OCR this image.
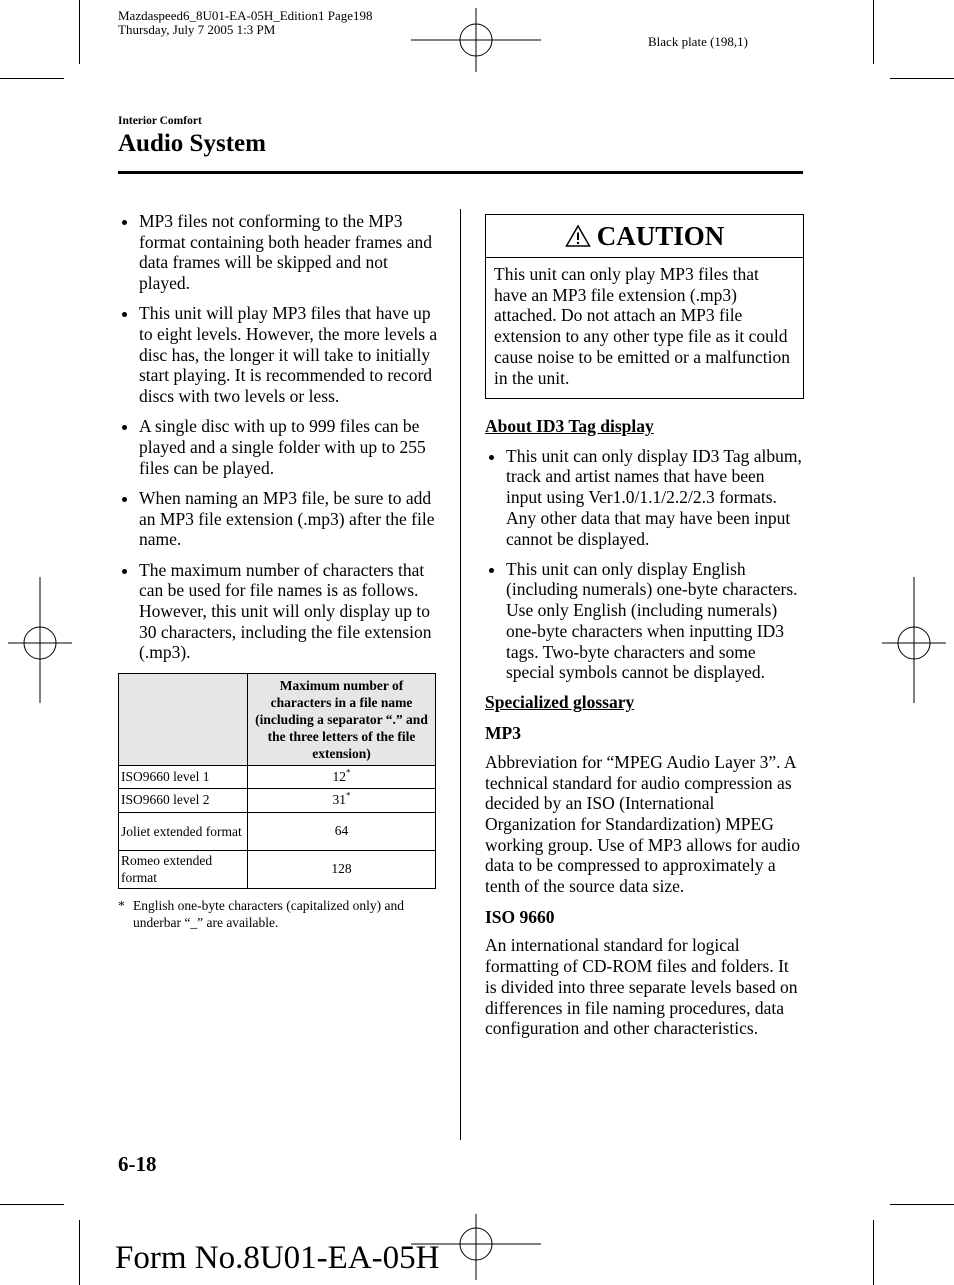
Mazdaspeed6_8U01-EA-05H_Edition1 Page198
Thursday, July 7 2005 1:3 PM
Black plate (198,1)
Interior Comfort
Audio System
MP3 files not conforming to the MP3 format containing both header frames and data frames will be skipped and not played.
This unit will play MP3 files that have up to eight levels. However, the more levels a disc has, the longer it will take to initially start playing. It is recommended to record discs with two levels or less.
A single disc with up to 999 files can be played and a single folder with up to 255 files can be played.
When naming an MP3 file, be sure to add an MP3 file extension (.mp3) after the file name.
The maximum number of characters that can be used for file names is as follows. However, this unit will only display up to 30 characters, including the file extension (.mp3).
	Maximum number of characters in a file name (including a separator “.” and the three letters of the file extension)
ISO9660 level 1	12*
ISO9660 level 2	31*
Joliet extended format	64
Romeo extended format	128
* English one-byte characters (capitalized only) and underbar “_” are available.
CAUTION
This unit can only play MP3 files that have an MP3 file extension (.mp3) attached. Do not attach an MP3 file extension to any other type file as it could cause noise to be emitted or a malfunction in the unit.

About ID3 Tag display

This unit can only display ID3 Tag album, track and artist names that have been input using Ver1.0/1.1/2.2/2.3 formats. Any other data that may have been input cannot be displayed.
This unit can only display English (including numerals) one-byte characters. Use only English (including numerals) one-byte characters when inputting ID3 tags. Two-byte characters and some special symbols cannot be displayed.

Specialized glossary

MP3

Abbreviation for “MPEG Audio Layer 3”. A technical standard for audio compression as decided by an ISO (International Organization for Standardization) MPEG working group. Use of MP3 allows for audio data to be compressed to approximately a tenth of the source data size.

ISO 9660

An international standard for logical formatting of CD-ROM files and folders. It is divided into three separate levels based on differences in file naming procedures, data configuration and other characteristics.

6-18
Form No.8U01-EA-05H
